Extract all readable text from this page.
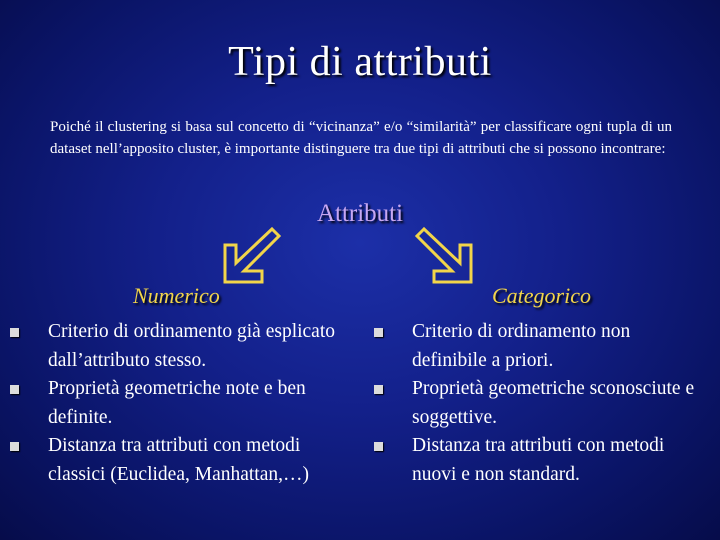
Tipi di attributi
Poiché il clustering si basa sul concetto di “vicinanza” e/o “similarità” per classificare ogni tupla di un dataset nell’apposito cluster, è importante distinguere tra due tipi di attributi che si possono incontrare:
Attributi
Numerico	Categorico
Criterio di ordinamento già esplicato dall’attributo stesso.
Proprietà geometriche note e ben definite.
Distanza tra attributi con metodi classici (Euclidea, Manhattan,…)
Criterio di ordinamento non definibile a priori.
Proprietà geometriche sconosciute e soggettive.
Distanza tra attributi con metodi nuovi e non standard.
